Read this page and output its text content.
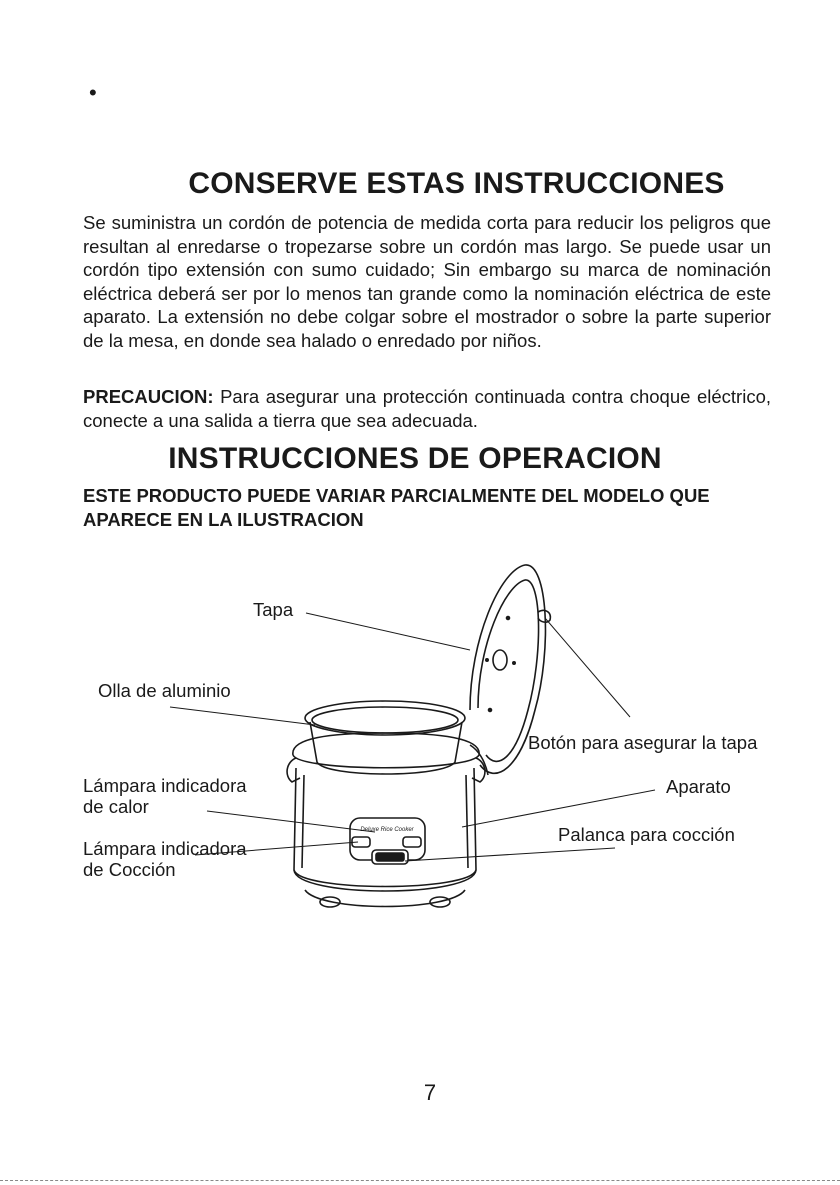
•
CONSERVE ESTAS INSTRUCCIONES

Se suministra un cordón de potencia de medida corta para reducir los peligros que resultan al enredarse o tropezarse sobre un cordón mas largo. Se puede usar un cordón tipo extensión con sumo cuidado; Sin embargo su marca de nominación eléctrica deberá ser por lo menos tan grande como la nominación eléctrica de este aparato. La extensión no debe colgar sobre el mostrador o sobre la parte superior de la mesa, en donde sea halado o enredado por niños.

PRECAUCION: Para asegurar una protección continuada contra choque eléctrico, conecte a una salida a tierra que sea adecuada.

INSTRUCCIONES DE OPERACION

ESTE PRODUCTO PUEDE VARIAR PARCIALMENTE DEL MODELO QUE APARECE EN LA ILUSTRACION

Deluxe Rice Cooker
Tapa
Olla de aluminio
Lámpara indicadora
de calor
Lámpara indicadora
de Cocción
Botón para asegurar la tapa
Aparato
Palanca para cocción
7
